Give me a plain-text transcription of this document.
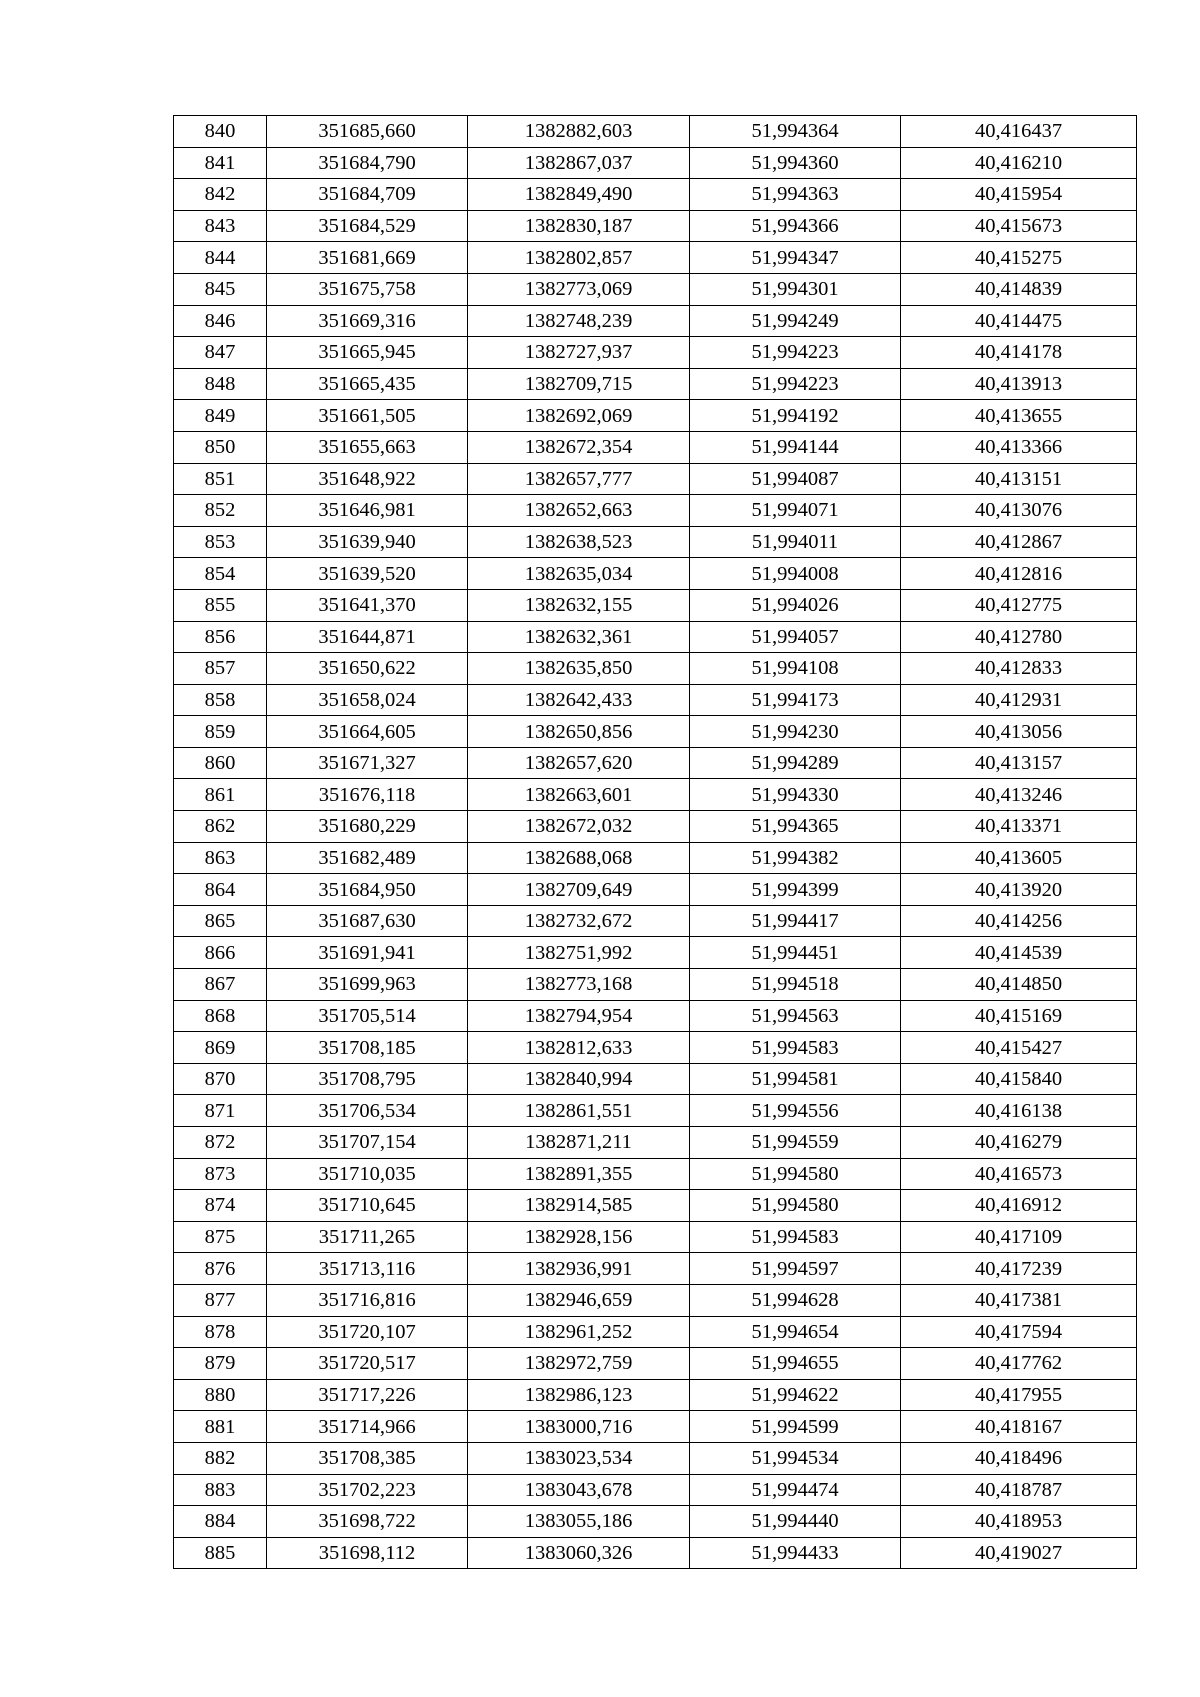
840	351685,660	1382882,603	51,994364	40,416437
841	351684,790	1382867,037	51,994360	40,416210
842	351684,709	1382849,490	51,994363	40,415954
843	351684,529	1382830,187	51,994366	40,415673
844	351681,669	1382802,857	51,994347	40,415275
845	351675,758	1382773,069	51,994301	40,414839
846	351669,316	1382748,239	51,994249	40,414475
847	351665,945	1382727,937	51,994223	40,414178
848	351665,435	1382709,715	51,994223	40,413913
849	351661,505	1382692,069	51,994192	40,413655
850	351655,663	1382672,354	51,994144	40,413366
851	351648,922	1382657,777	51,994087	40,413151
852	351646,981	1382652,663	51,994071	40,413076
853	351639,940	1382638,523	51,994011	40,412867
854	351639,520	1382635,034	51,994008	40,412816
855	351641,370	1382632,155	51,994026	40,412775
856	351644,871	1382632,361	51,994057	40,412780
857	351650,622	1382635,850	51,994108	40,412833
858	351658,024	1382642,433	51,994173	40,412931
859	351664,605	1382650,856	51,994230	40,413056
860	351671,327	1382657,620	51,994289	40,413157
861	351676,118	1382663,601	51,994330	40,413246
862	351680,229	1382672,032	51,994365	40,413371
863	351682,489	1382688,068	51,994382	40,413605
864	351684,950	1382709,649	51,994399	40,413920
865	351687,630	1382732,672	51,994417	40,414256
866	351691,941	1382751,992	51,994451	40,414539
867	351699,963	1382773,168	51,994518	40,414850
868	351705,514	1382794,954	51,994563	40,415169
869	351708,185	1382812,633	51,994583	40,415427
870	351708,795	1382840,994	51,994581	40,415840
871	351706,534	1382861,551	51,994556	40,416138
872	351707,154	1382871,211	51,994559	40,416279
873	351710,035	1382891,355	51,994580	40,416573
874	351710,645	1382914,585	51,994580	40,416912
875	351711,265	1382928,156	51,994583	40,417109
876	351713,116	1382936,991	51,994597	40,417239
877	351716,816	1382946,659	51,994628	40,417381
878	351720,107	1382961,252	51,994654	40,417594
879	351720,517	1382972,759	51,994655	40,417762
880	351717,226	1382986,123	51,994622	40,417955
881	351714,966	1383000,716	51,994599	40,418167
882	351708,385	1383023,534	51,994534	40,418496
883	351702,223	1383043,678	51,994474	40,418787
884	351698,722	1383055,186	51,994440	40,418953
885	351698,112	1383060,326	51,994433	40,419027
